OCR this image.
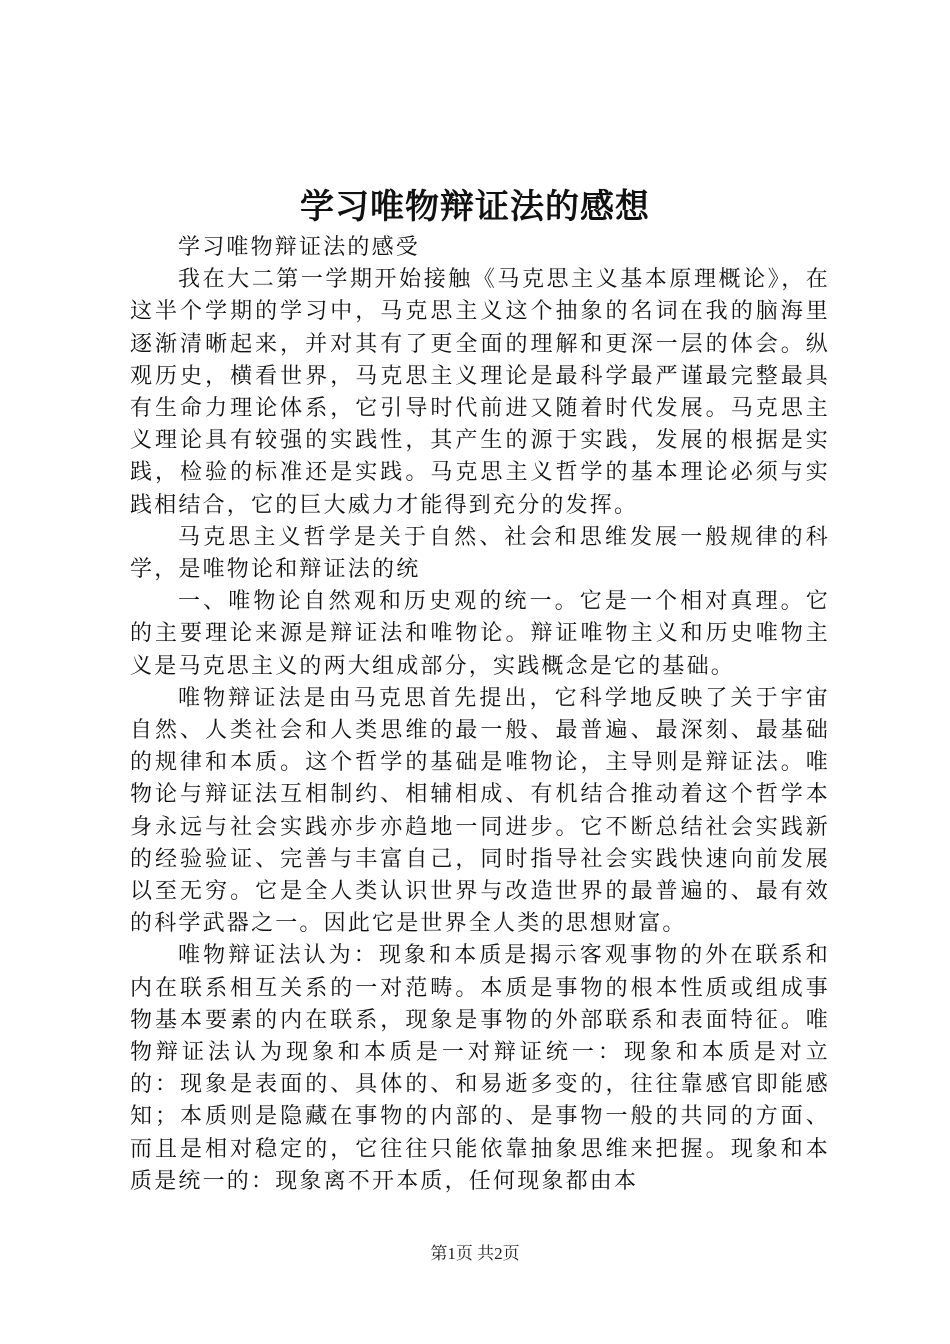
学习唯物辩证法的感想

学习唯物辩证法的感受

我在大二第一学期开始接触《马克思主义基本原理概论》，在这半个学期的学习中，马克思主义这个抽象的名词在我的脑海里逐渐清晰起来，并对其有了更全面的理解和更深一层的体会。纵观历史，横看世界，马克思主义理论是最科学最严谨最完整最具有生命力理论体系，它引导时代前进又随着时代发展。马克思主义理论具有较强的实践性，其产生的源于实践，发展的根据是实践，检验的标准还是实践。马克思主义哲学的基本理论必须与实践相结合，它的巨大威力才能得到充分的发挥。

马克思主义哲学是关于自然、社会和思维发展一般规律的科学，是唯物论和辩证法的统

一、唯物论自然观和历史观的统一。它是一个相对真理。它的主要理论来源是辩证法和唯物论。辩证唯物主义和历史唯物主义是马克思主义的两大组成部分，实践概念是它的基础。

唯物辩证法是由马克思首先提出，它科学地反映了关于宇宙自然、人类社会和人类思维的最一般、最普遍、最深刻、最基础的规律和本质。这个哲学的基础是唯物论，主导则是辩证法。唯物论与辩证法互相制约、相辅相成、有机结合推动着这个哲学本身永远与社会实践亦步亦趋地一同进步。它不断总结社会实践新的经验验证、完善与丰富自己，同时指导社会实践快速向前发展以至无穷。它是全人类认识世界与改造世界的最普遍的、最有效的科学武器之一。因此它是世界全人类的思想财富。

唯物辩证法认为：现象和本质是揭示客观事物的外在联系和内在联系相互关系的一对范畴。本质是事物的根本性质或组成事物基本要素的内在联系，现象是事物的外部联系和表面特征。唯物辩证法认为现象和本质是一对辩证统一：现象和本质是对立的：现象是表面的、具体的、和易逝多变的，往往靠感官即能感知；本质则是隐藏在事物的内部的、是事物一般的共同的方面、而且是相对稳定的，它往往只能依靠抽象思维来把握。现象和本质是统一的：现象离不开本质，任何现象都由本

第1页 共2页
